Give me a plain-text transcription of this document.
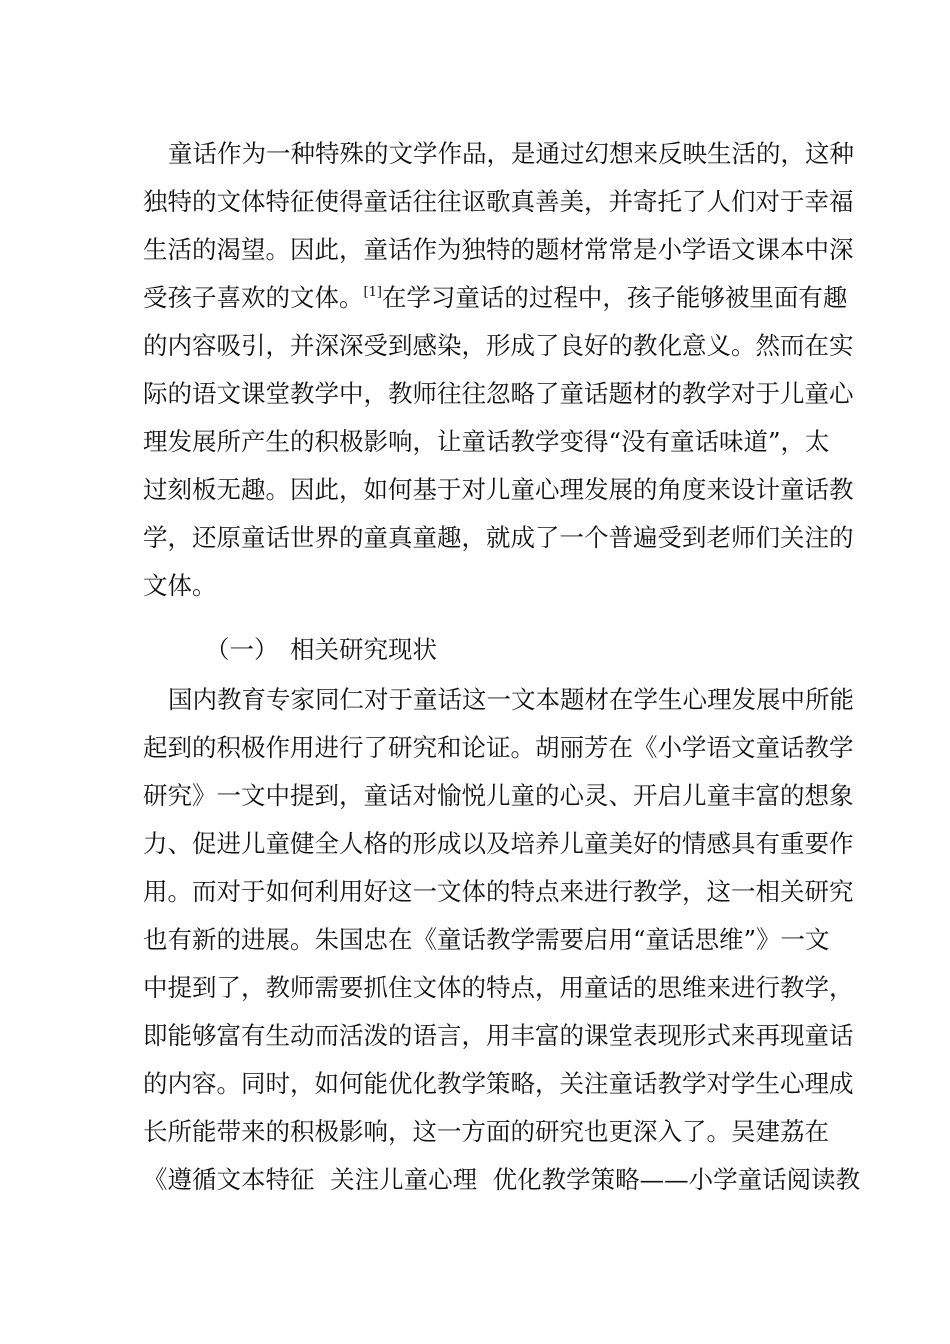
童话作为一种特殊的文学作品，是通过幻想来反映生活的，这种
独特的文体特征使得童话往往讴歌真善美，并寄托了人们对于幸福
生活的渴望。因此，童话作为独特的题材常常是小学语文课本中深
受孩子喜欢的文体。[1]在学习童话的过程中，孩子能够被里面有趣
的内容吸引，并深深受到感染，形成了良好的教化意义。然而在实
际的语文课堂教学中，教师往往忽略了童话题材的教学对于儿童心
理发展所产生的积极影响，让童话教学变得“没有童话味道”，太
过刻板无趣。因此，如何基于对儿童心理发展的角度来设计童话教
学，还原童话世界的童真童趣，就成了一个普遍受到老师们关注的
文体。
（一） 相关研究现状
国内教育专家同仁对于童话这一文本题材在学生心理发展中所能
起到的积极作用进行了研究和论证。胡丽芳在《小学语文童话教学
研究》一文中提到，童话对愉悦儿童的心灵、开启儿童丰富的想象
力、促进儿童健全人格的形成以及培养儿童美好的情感具有重要作
用。而对于如何利用好这一文体的特点来进行教学，这一相关研究
也有新的进展。朱国忠在《童话教学需要启用“童话思维”》一文
中提到了，教师需要抓住文体的特点，用童话的思维来进行教学，
即能够富有生动而活泼的语言，用丰富的课堂表现形式来再现童话
的内容。同时，如何能优化教学策略，关注童话教学对学生心理成
长所能带来的积极影响，这一方面的研究也更深入了。吴建荔在
《遵循文本特征  关注儿童心理  优化教学策略——小学童话阅读教
